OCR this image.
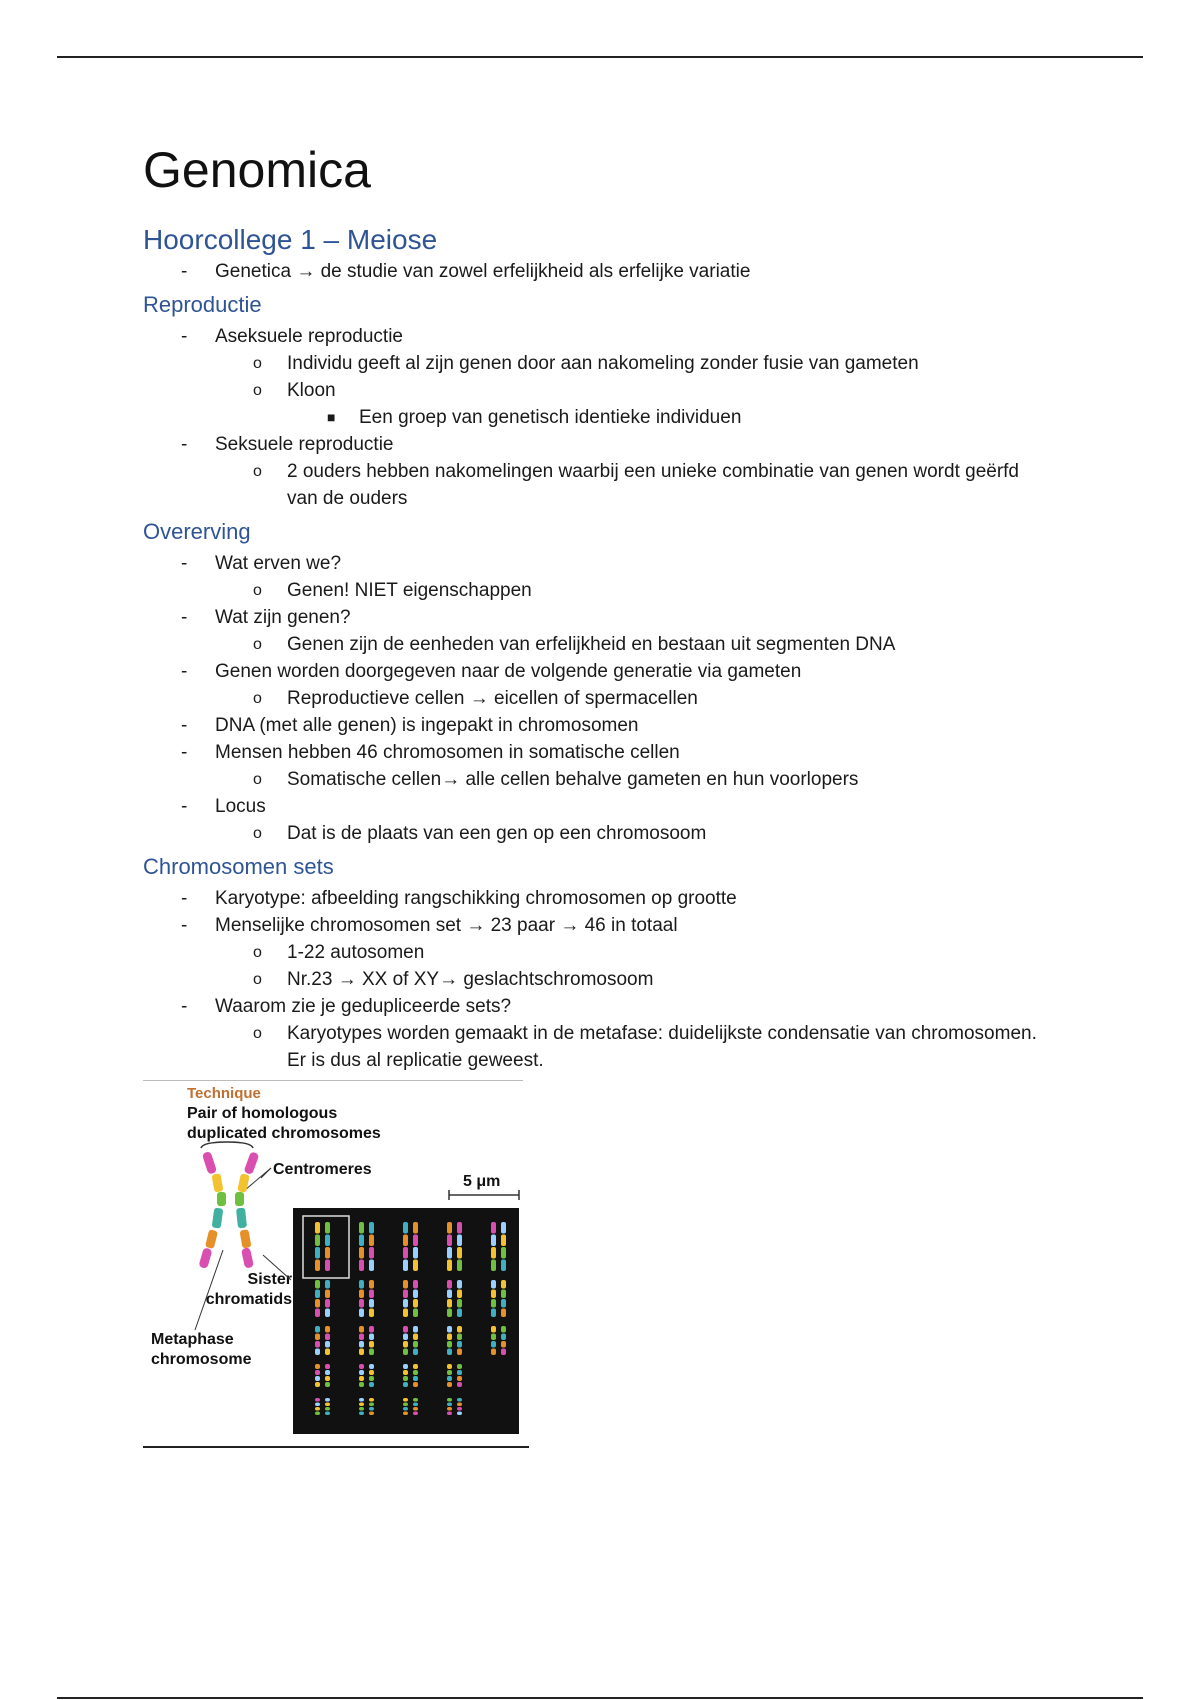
Genomica
Hoorcollege 1 – Meiose
- Genetica → de studie van zowel erfelijkheid als erfelijke variatie
Reproductie
- Aseksuele reproductie
o Individu geeft al zijn genen door aan nakomeling zonder fusie van gameten
o Kloon
■ Een groep van genetisch identieke individuen
- Seksuele reproductie
o 2 ouders hebben nakomelingen waarbij een unieke combinatie van genen wordt geërfd van de ouders
Overerving
- Wat erven we?
o Genen! NIET eigenschappen
- Wat zijn genen?
o Genen zijn de eenheden van erfelijkheid en bestaan uit segmenten DNA
- Genen worden doorgegeven naar de volgende generatie via gameten
o Reproductieve cellen → eicellen of spermacellen
- DNA (met alle genen) is ingepakt in chromosomen
- Mensen hebben 46 chromosomen in somatische cellen
o Somatische cellen→ alle cellen behalve gameten en hun voorlopers
- Locus
o Dat is de plaats van een gen op een chromosoom
Chromosomen sets
- Karyotype: afbeelding rangschikking chromosomen op grootte
- Menselijke chromosomen set → 23 paar → 46 in totaal
o 1-22 autosomen
o Nr.23 → XX of XY→ geslachtschromosoom
- Waarom zie je gedupliceerde sets?
o Karyotypes worden gemaakt in de metafase: duidelijkste condensatie van chromosomen. Er is dus al replicatie geweest.
Technique
Pair of homologous
duplicated chromosomes
Centromeres
5 μm
Sister
chromatids
Metaphase
chromosome
